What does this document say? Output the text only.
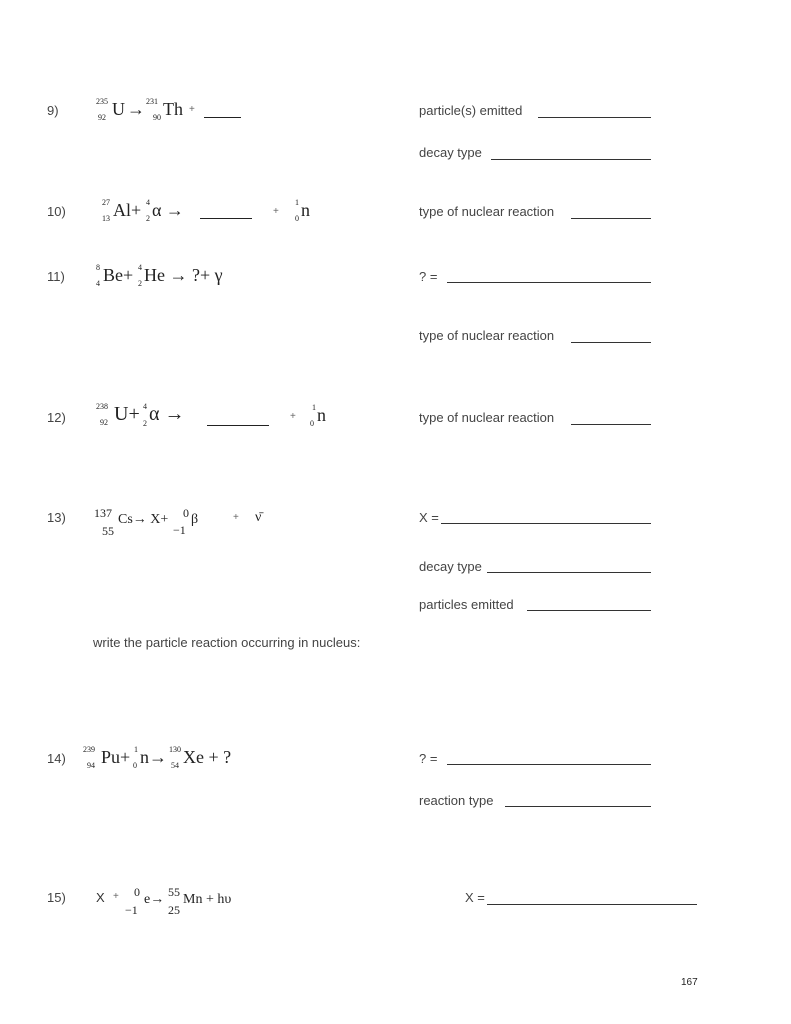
9)
235
92 U → 231
90 Th +	particle(s) emitted
decay type
10)
27
13 Al+ 4
2 α →	+
1
0 n	type of nuclear reaction
11)
8
4 Be+ 4
2 He → ?+ γ	? =
type of nuclear reaction
12)
238
92 U+ 4
2 α →	+
1
0 n	type of nuclear reaction
13) 137
55
Cs→ X+ 0
−1
β	+ ν̄	X =
decay type
particles emitted
write the particle reaction occurring in nucleus:
14)
239
94 Pu+ 1
0 n→ 130
54 Xe + ?	? =
reaction type
15) X + 0
−1
e→ 55
25
Mn + hυ	X =
167
